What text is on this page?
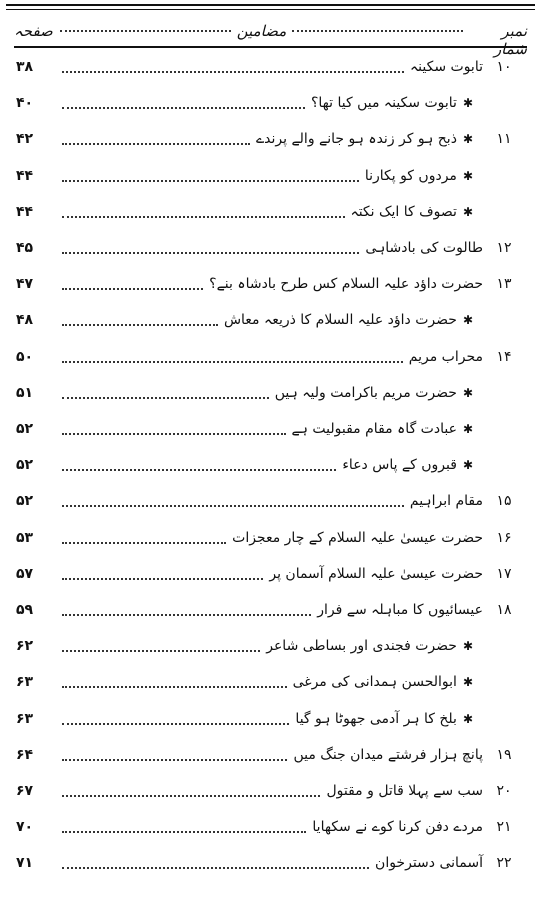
نمبر شمار
مضامین
صفحہ
۱۰
تابوت سکینہ
۳۸
✱
تابوت سکینہ میں کیا تھا؟
۴۰
۱۱
✱
ذبح ہو کر زندہ ہو جانے والے پرندے
۴۲
✱
مردوں کو پکارنا
۴۴
✱
تصوف کا ایک نکتہ
۴۴
۱۲
طالوت کی بادشاہی
۴۵
۱۳
حضرت داؤد علیہ السلام کس طرح بادشاہ بنے؟
۴۷
✱
حضرت داؤد علیہ السلام کا ذریعہ معاش
۴۸
۱۴
محراب مریم
۵۰
✱
حضرت مریم باکرامت ولیہ ہیں
۵۱
✱
عبادت گاہ مقام مقبولیت ہے
۵۲
✱
قبروں کے پاس دعاء
۵۲
۱۵
مقام ابراہیم
۵۲
۱۶
حضرت عیسیٰ علیہ السلام کے چار معجزات
۵۳
۱۷
حضرت عیسیٰ علیہ السلام آسمان پر
۵۷
۱۸
عیسائیوں کا مباہلہ سے فرار
۵۹
✱
حضرت فجندی اور بساطی شاعر
۶۲
✱
ابوالحسن ہمدانی کی مرغی
۶۳
✱
بلخ کا ہر آدمی جھوٹا ہو گیا
۶۳
۱۹
پانچ ہزار فرشتے میدان جنگ میں
۶۴
۲۰
سب سے پہلا قاتل و مقتول
۶۷
۲۱
مردے دفن کرنا کوے نے سکھایا
۷۰
۲۲
آسمانی دسترخوان
۷۱
